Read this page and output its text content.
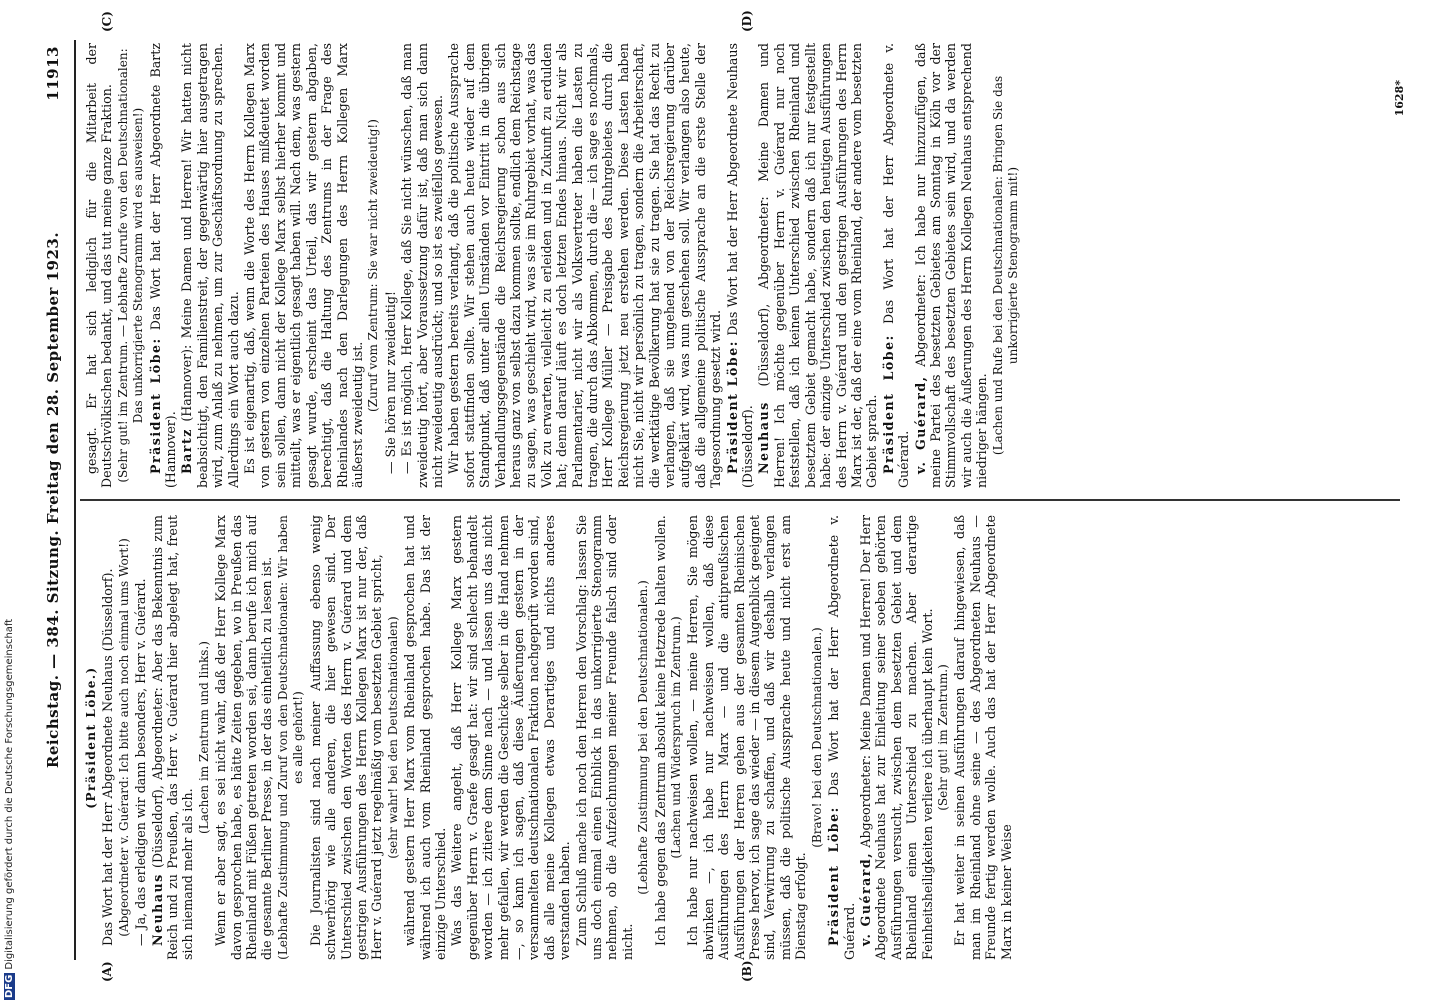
DFGDigitalisierung gefördert durch die Deutsche Forschungsgemeinschaft
Reichstag. — 384. Sitzung. Freitag den 28. September 1923.
11913
(A)	(B)
(C)	(D)

(Präsident Löbe.) Das Wort hat der Herr Abgeordnete Neuhaus (Düsseldorf). (Abgeordneter v. Guérard: Ich bitte auch noch einmal ums Wort!) — Ja, das erledigen wir dann besonders, Herr v. Guérard. Neuhaus (Düsseldorf), Abgeordneter: Aber das Bekenntnis zum Reich und zu Preußen, das Herr v. Guérard hier abgelegt hat, freut sich niemand mehr als ich.

(Lachen im Zentrum und links.) Wenn er aber sagt, es sei nicht wahr, daß der Herr Kollege Marx davon gesprochen habe, es hätte Zeiten gegeben, wo in Preußen das Rheinland mit Füßen getreten worden sei, dann berufe ich mich auf die gesamte Berliner Presse, in der das einheitlich zu lesen ist. (Lebhafte Zustimmung und Zuruf von den Deutschnationalen: Wir haben es alle gehört!) Die Journalisten sind nach meiner Auffassung ebenso wenig schwerhörig wie alle anderen, die hier gewesen sind. Der Unterschied zwischen den Worten des Herrn v. Guérard und dem gestrigen Ausführungen des Herrn Kollegen Marx ist nur der, daß Herr v. Guérard jetzt regelmäßig vom besetzten Gebiet spricht, (sehr wahr! bei den Deutschnationalen) während gestern Herr Marx vom Rheinland gesprochen hat und während ich auch vom Rheinland gesprochen habe. Das ist der einzige Unterschied. Was das Weitere angeht, daß Herr Kollege Marx gestern gegenüber Herrn v. Graefe gesagt hat: wir sind schlecht behandelt worden — ich zitiere dem Sinne nach — und lassen uns das nicht mehr gefallen, wir werden die Geschicke selber in die Hand nehmen —, so kann ich sagen, daß diese Äußerungen gestern in der versammelten deutschnationalen Fraktion nachgeprüft worden sind, daß alle meine Kollegen etwas Derartiges und nichts anderes verstanden haben. Zum Schluß mache ich noch den Herren den Vorschlag: lassen Sie uns doch einmal einen Einblick in das unkorrigierte Stenogramm nehmen, ob die Aufzeichnungen meiner Freunde falsch sind oder nicht.

(Lebhafte Zustimmung bei den Deutschnationalen.) Ich habe gegen das Zentrum absolut keine Hetzrede halten wollen. (Lachen und Widerspruch im Zentrum.) Ich habe nur nachweisen wollen, — meine Herren, Sie mögen abwinken —, ich habe nur nachweisen wollen, daß diese Ausführungen des Herrn Marx — und die antipreußischen Ausführungen der Herren gehen aus der gesamten Rheinischen Presse hervor, ich sage das wieder — in diesem Augenblick geeignet sind, Verwirrung zu schaffen, und daß wir deshalb verlangen müssen, daß die politische Aussprache heute und nicht erst am Dienstag erfolgt.

(Bravo! bei den Deutschnationalen.)

Präsident Löbe: Das Wort hat der Herr Abgeordnete v. Guérard. v. Guérard, Abgeordneter: Meine Damen und Herren! Der Herr Abgeordnete Neuhaus hat zur Einleitung seiner soeben gehörten Ausführungen versucht, zwischen dem besetzten Gebiet und dem Rheinland einen Unterschied zu machen. Aber derartige Feinheitsheiligkeiten verliere ich überhaupt kein Wort. (Sehr gut! im Zentrum.) Er hat weiter in seinen Ausführungen darauf hingewiesen, daß man im Rheinland ohne seine — des Abgeordneten Neuhaus — Freunde fertig werden wolle. Auch das hat der Herr Abgeordnete Marx in keiner Weise

gesagt. Er hat sich lediglich für die Mitarbeit der Deutschvölkischen bedankt, und das tut meine ganze Fraktion. (Sehr gut! im Zentrum. — Lebhafte Zurufe von den Deutschnationalen: Das unkorrigierte Stenogramm wird es ausweisen!) Präsident Löbe: Das Wort hat der Herr Abgeordnete Bartz (Hannover). Bartz (Hannover): Meine Damen und Herren! Wir hatten nicht beabsichtigt, den Familienstreit, der gegenwärtig hier ausgetragen wird, zum Anlaß zu nehmen, um zur Geschäftsordnung zu sprechen. Allerdings ein Wort auch dazu. Es ist eigenartig, daß, wenn die Worte des Herrn Kollegen Marx von gestern von einzelnen Parteien des Hauses mißdeutet worden sein sollen, dann nicht der Kollege Marx selbst hierher kommt und mitteilt, was er eigentlich gesagt haben will. Nach dem, was gestern gesagt wurde, erscheint das Urteil, das wir gestern abgaben, berechtigt, daß die Haltung des Zentrums in der Frage des Rheinlandes nach den Darlegungen des Herrn Kollegen Marx äußerst zweideutig ist.

(Zuruf vom Zentrum: Sie war nicht zweideutig!) — Sie hören nur zweideutig! — Es ist möglich, Herr Kollege, daß Sie nicht wünschen, daß man zweideutig hört, aber Voraussetzung dafür ist, daß man sich dann nicht zweideutig ausdrückt; und so ist es zweifellos gewesen. Wir haben gestern bereits verlangt, daß die politische Aussprache sofort stattfinden sollte. Wir stehen auch heute wieder auf dem Standpunkt, daß unter allen Umständen vor Eintritt in die übrigen Verhandlungsgegenstände die Reichsregierung schon aus sich heraus ganz von selbst dazu kommen sollte, endlich dem Reichstage zu sagen, was geschieht wird, was sie im Ruhrgebiet vorhat, was das Volk zu erwarten, vielleicht zu erleiden und in Zukunft zu erdulden hat; denn darauf läuft es doch letzten Endes hinaus. Nicht wir als Parlamentarier, nicht wir als Volksvertreter haben die Lasten zu tragen, die durch das Abkommen, durch die — ich sage es nochmals, Herr Kollege Müller — Preisgabe des Ruhrgebietes durch die Reichsregierung jetzt neu erstehen werden. Diese Lasten haben nicht Sie, nicht wir persönlich zu tragen, sondern die Arbeiterschaft, die werktätige Bevölkerung hat sie zu tragen. Sie hat das Recht zu verlangen, daß sie umgehend von der Reichsregierung darüber aufgeklärt wird, was nun geschehen soll. Wir verlangen also heute, daß die allgemeine politische Aussprache an die erste Stelle der Tagesordnung gesetzt wird. Präsident Löbe: Das Wort hat der Herr Abgeordnete Neuhaus (Düsseldorf). Neuhaus (Düsseldorf), Abgeordneter: Meine Damen und Herren! Ich möchte gegenüber Herrn v. Guérard nur noch feststellen, daß ich keinen Unterschied zwischen Rheinland und besetztem Gebiet gemacht habe, sondern daß ich nur festgestellt habe: der einzige Unterschied zwischen den heutigen Ausführungen des Herrn v. Guérard und den gestrigen Ausführungen des Herrn Marx ist der, daß der eine vom Rheinland, der andere vom besetzten Gebiet sprach. Präsident Löbe: Das Wort hat der Herr Abgeordnete v. Guérard. v. Guérard, Abgeordneter: Ich habe nur hinzuzufügen, daß meine Partei des besetzten Gebietes am Sonntag in Köln vor der Stimmvollschaft des besetzten Gebietes sein wird, und da werden wir auch die Äußerungen des Herrn Kollegen Neuhaus entsprechend niedriger hängen. (Lachen und Rufe bei den Deutschnationalen: Bringen Sie das unkorrigierte Stenogramm mit!)

1628*
